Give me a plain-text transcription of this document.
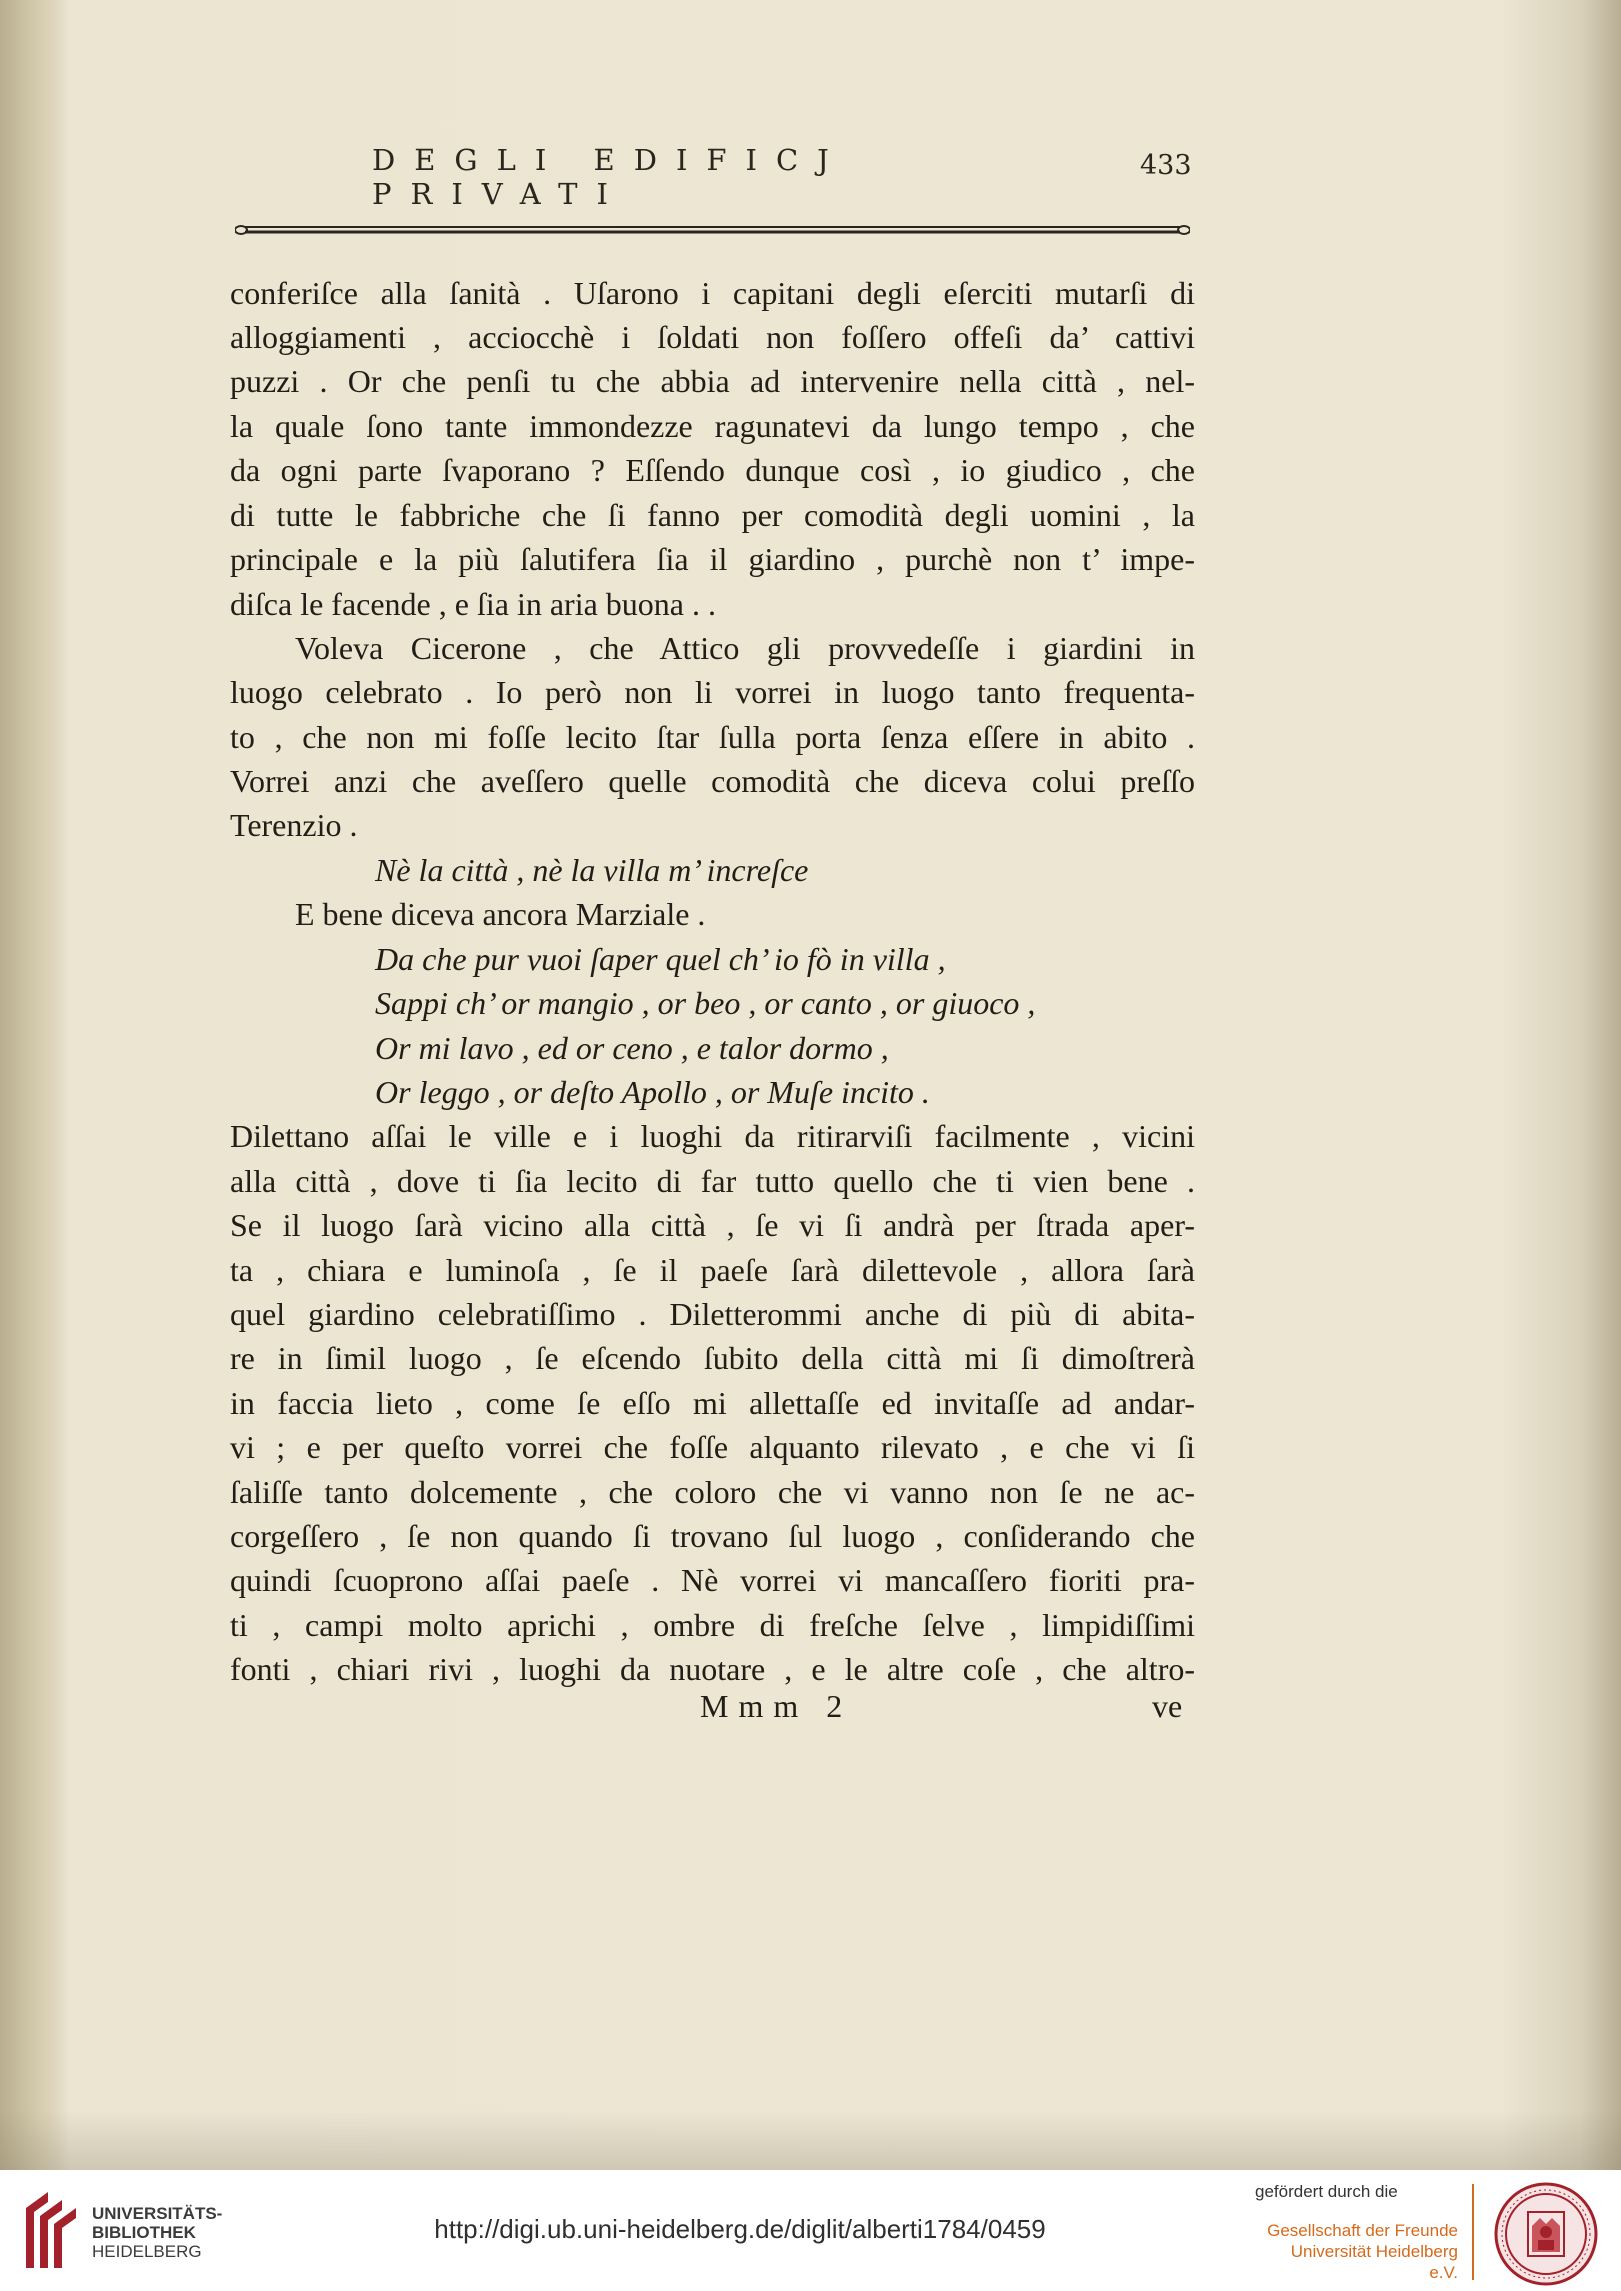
DEGLI EDIFICJ PRIVATI
433
conferiſce alla ſanità . Uſarono i capitani degli eſerciti mutarſi di
alloggiamenti , acciocchè i ſoldati non foſſero offeſi da’ cattivi
puzzi . Or che penſi tu che abbia ad intervenire nella città , nel-
la quale ſono tante immondezze ragunatevi da lungo tempo , che
da ogni parte ſvaporano ? Eſſendo dunque così , io giudico , che
di tutte le fabbriche che ſi fanno per comodità degli uomini , la
principale e la più ſalutifera ſia il giardino , purchè non t’ impe-
diſca le facende , e ſia in aria buona . .
Voleva Cicerone , che Attico gli provvedeſſe i giardini in
luogo celebrato . Io però non li vorrei in luogo tanto frequenta-
to , che non mi foſſe lecito ſtar ſulla porta ſenza eſſere in abito .
Vorrei anzi che aveſſero quelle comodità che diceva colui preſſo
Terenzio .
Nè la città , nè la villa m’ increſce
E bene diceva ancora Marziale .
Da che pur vuoi ſaper quel ch’ io fò in villa ,
Sappi ch’ or mangio , or beo , or canto , or giuoco ,
Or mi lavo , ed or ceno , e talor dormo ,
Or leggo , or deſto Apollo , or Muſe incito .
Dilettano aſſai le ville e i luoghi da ritirarviſi facilmente , vicini
alla città , dove ti ſia lecito di far tutto quello che ti vien bene .
Se il luogo ſarà vicino alla città , ſe vi ſi andrà per ſtrada aper-
ta , chiara e luminoſa , ſe il paeſe ſarà dilettevole , allora ſarà
quel giardino celebratiſſimo . Diletterommi anche di più di abita-
re in ſimil luogo , ſe eſcendo ſubito della città mi ſi dimoſtrerà
in faccia lieto , come ſe eſſo mi allettaſſe ed invitaſſe ad andar-
vi ; e per queſto vorrei che foſſe alquanto rilevato , e che vi ſi
ſaliſſe tanto dolcemente , che coloro che vi vanno non ſe ne ac-
corgeſſero , ſe non quando ſi trovano ſul luogo , conſiderando che
quindi ſcuoprono aſſai paeſe . Nè vorrei vi mancaſſero fioriti pra-
ti , campi molto aprichi , ombre di freſche ſelve , limpidiſſimi
fonti , chiari rivi , luoghi da nuotare , e le altre coſe , che altro-
Mmm 2	ve
UNIVERSITÄTS-
BIBLIOTHEK
HEIDELBERG
http://digi.ub.uni-heidelberg.de/diglit/alberti1784/0459
gefördert durch die
Gesellschaft der Freunde
Universität Heidelberg e.V.
